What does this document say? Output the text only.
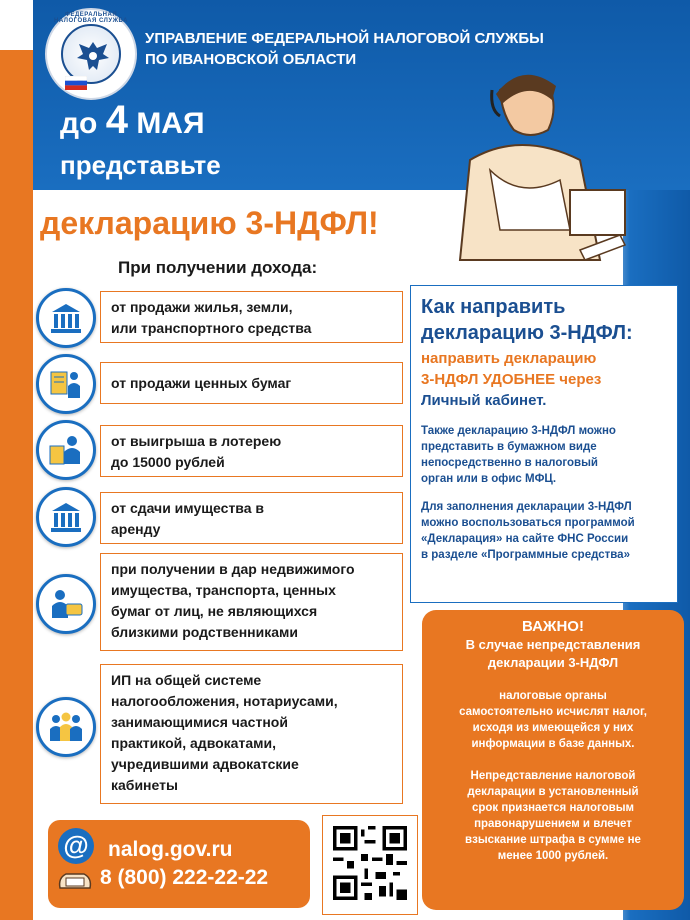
ФЕДЕРАЛЬНАЯ НАЛОГОВАЯ СЛУЖБА
УПРАВЛЕНИЕ ФЕДЕРАЛЬНОЙ НАЛОГОВОЙ СЛУЖБЫ
ПО ИВАНОВСКОЙ ОБЛАСТИ
до 4 МАЯ
представьте
декларацию 3-НДФЛ!
При получении дохода:
от продажи жилья, земли,
или транспортного средства
от продажи ценных бумаг
от выигрыша в лотерею
до 15000 рублей
от сдачи имущества в
аренду
при получении в дар недвижимого
имущества, транспорта, ценных
бумаг от лиц, не являющихся
близкими родственниками
ИП на общей системе
налогообложения, нотариусами,
занимающимися частной
практикой, адвокатами,
учредившими адвокатские
кабинеты
Как направить
декларацию 3-НДФЛ:
направить декларацию
3-НДФЛ УДОБНЕЕ через
Личный кабинет.
Также декларацию 3-НДФЛ можно
представить в бумажном виде
непосредственно в налоговый
орган или в офис МФЦ.
Для заполнения декларации 3-НДФЛ
можно воспользоваться программой
«Декларация» на сайте ФНС России
в разделе «Программные средства»
ВАЖНО!
В случае непредставления
декларации 3-НДФЛ
налоговые органы
самостоятельно исчислят налог,
исходя из имеющейся у них
информации в базе данных.
Непредставление налоговой
декларации в установленный
срок признается налоговым
правонарушением и влечет
взыскание штрафа в сумме не
менее 1000 рублей.
@ nalog.gov.ru
8 (800) 222-22-22
